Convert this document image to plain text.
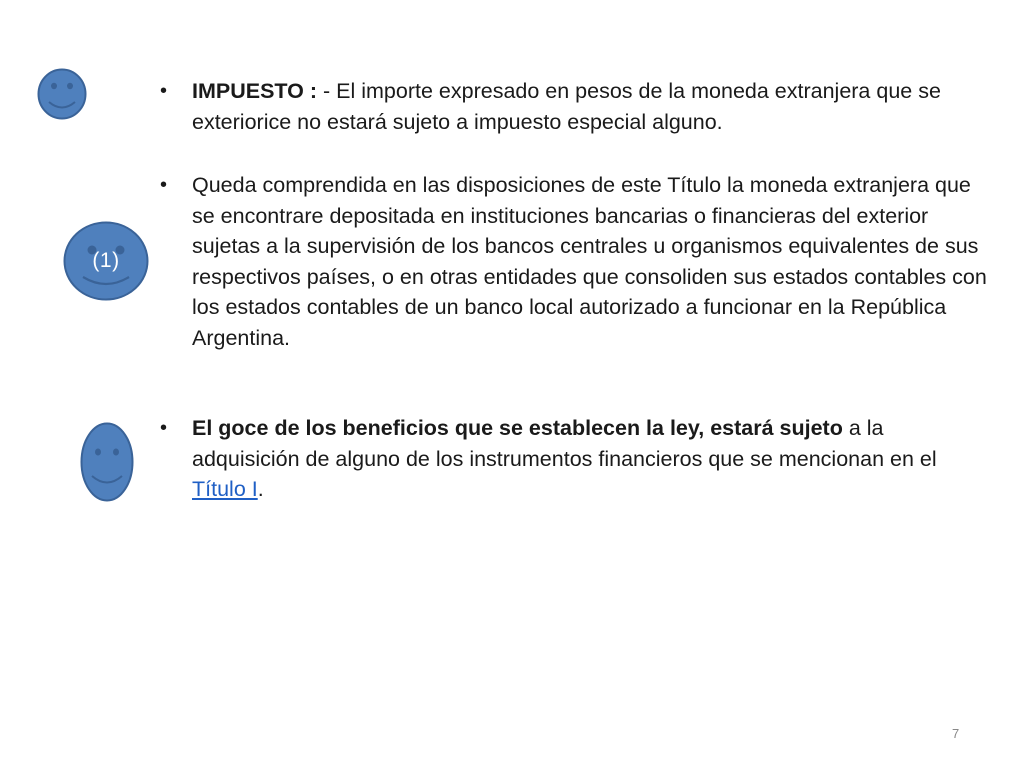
(1)
• IMPUESTO : - El importe expresado en pesos de la moneda extranjera que se exteriorice no estará sujeto a impuesto especial alguno.
• Queda comprendida en las disposiciones de este Título la moneda extranjera que se encontrare depositada en instituciones bancarias o financieras del exterior sujetas a la supervisión de los bancos centrales u organismos equivalentes de sus respectivos países, o en otras entidades que consoliden sus estados contables con los estados contables de un banco local autorizado a funcionar en la República Argentina.
• El goce de los beneficios que se establecen la ley, estará sujeto a la adquisición de alguno de los instrumentos financieros que se mencionan en el Título I.
7
